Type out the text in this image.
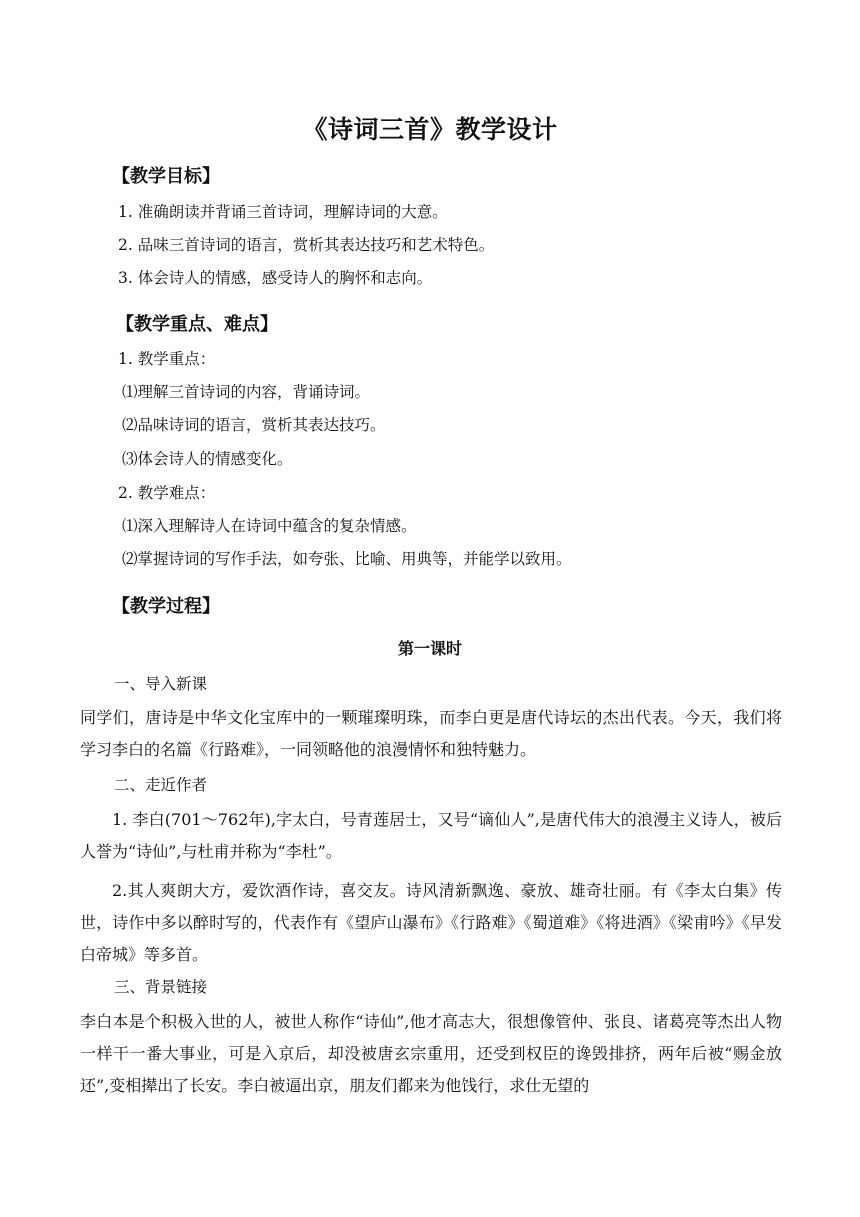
《诗词三首》教学设计
【教学目标】
1. 准确朗读并背诵三首诗词，理解诗词的大意。
2. 品味三首诗词的语言，赏析其表达技巧和艺术特色。
3. 体会诗人的情感，感受诗人的胸怀和志向。
【教学重点、难点】
1. 教学重点：
⑴理解三首诗词的内容，背诵诗词。
⑵品味诗词的语言，赏析其表达技巧。
⑶体会诗人的情感变化。
2. 教学难点：
⑴深入理解诗人在诗词中蕴含的复杂情感。
⑵掌握诗词的写作手法，如夸张、比喻、用典等，并能学以致用。
【教学过程】
第一课时
一、导入新课
同学们，唐诗是中华文化宝库中的一颗璀璨明珠，而李白更是唐代诗坛的杰出代表。今天，我们将学习李白的名篇《行路难》，一同领略他的浪漫情怀和独特魅力。
二、走近作者
1. 李白(701～762年),字太白，号青莲居士，又号“谪仙人”,是唐代伟大的浪漫主义诗人，被后人誉为“诗仙”,与杜甫并称为“李杜”。
2.其人爽朗大方，爱饮酒作诗，喜交友。诗风清新飘逸、豪放、雄奇壮丽。有《李太白集》传世，诗作中多以醉时写的，代表作有《望庐山瀑布》《行路难》《蜀道难》《将进酒》《梁甫吟》《早发白帝城》等多首。
三、背景链接
李白本是个积极入世的人，被世人称作“诗仙”,他才高志大，很想像管仲、张良、诸葛亮等杰出人物一样干一番大事业，可是入京后，却没被唐玄宗重用，还受到权臣的谗毁排挤，两年后被“赐金放还”,变相撵出了长安。李白被逼出京，朋友们都来为他饯行，求仕无望的
